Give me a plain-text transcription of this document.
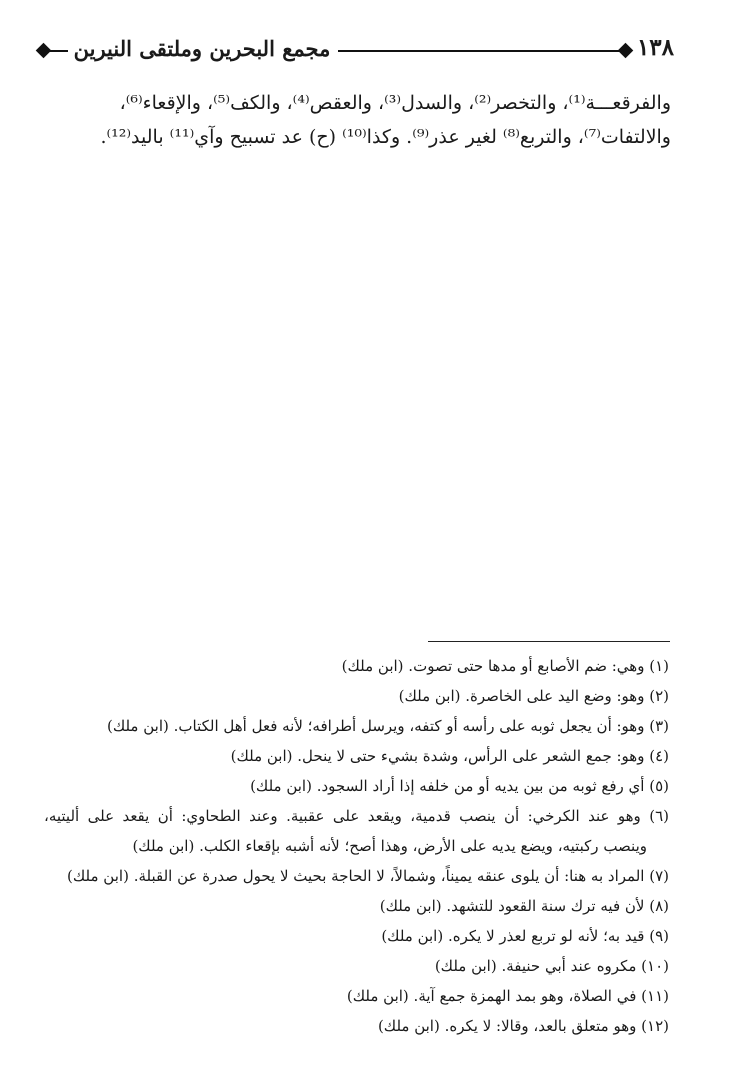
مجمع البحرين وملتقى النيرين	١٣٨
والفرقعـــة⁽¹⁾، والتخصر⁽²⁾، والسدل⁽³⁾، والعقص⁽⁴⁾، والكف⁽⁵⁾، والإقعاء⁽⁶⁾،
والالتفات⁽⁷⁾، والتربع⁽⁸⁾ لغير عذر⁽⁹⁾. وكذا⁽¹⁰⁾ (ح) عد تسبيح وآي⁽¹¹⁾ باليد⁽¹²⁾.
(١) وهي: ضم الأصابع أو مدها حتى تصوت. (ابن ملك)
(٢) وهو: وضع اليد على الخاصرة. (ابن ملك)
(٣) وهو: أن يجعل ثوبه على رأسه أو كتفه، ويرسل أطرافه؛ لأنه فعل أهل الكتاب. (ابن ملك)
(٤) وهو: جمع الشعر على الرأس، وشدة بشيء حتى لا ينحل. (ابن ملك)
(٥) أي رفع ثوبه من بين يديه أو من خلفه إذا أراد السجود. (ابن ملك)
(٦) وهو عند الكرخي: أن ينصب قدمية، ويقعد على عقبية. وعند الطحاوي: أن يقعد على أليتيه،
وينصب ركبتيه، ويضع يديه على الأرض، وهذا أصح؛ لأنه أشبه بإقعاء الكلب. (ابن ملك)
(٧) المراد به هنا: أن يلوى عنقه يميناً، وشمالاً، لا الحاجة بحيث لا يحول صدرة عن القبلة. (ابن ملك)
(٨) لأن فيه ترك سنة القعود للتشهد. (ابن ملك)
(٩) قيد به؛ لأنه لو تربع لعذر لا يكره. (ابن ملك)
(١٠) مكروه عند أبي حنيفة. (ابن ملك)
(١١) في الصلاة، وهو بمد الهمزة جمع آية. (ابن ملك)
(١٢) وهو متعلق بالعد، وقالا: لا يكره. (ابن ملك)
